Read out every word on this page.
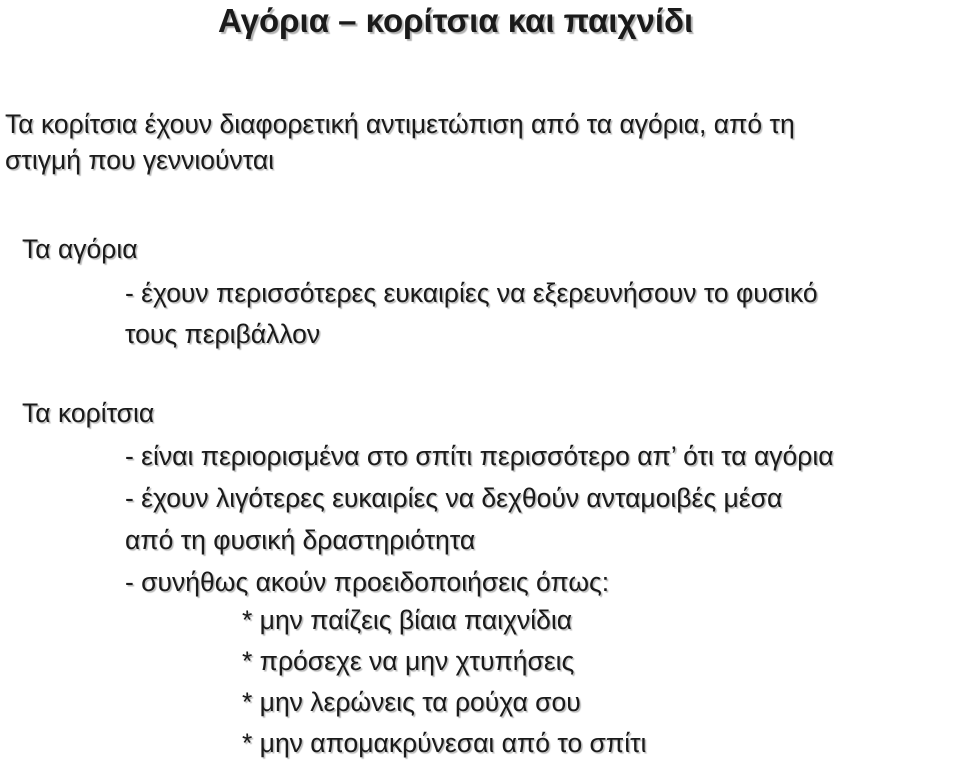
Αγόρια – κορίτσια και παιχνίδι
Τα κορίτσια έχουν διαφορετική αντιμετώπιση από τα αγόρια, από τη
στιγμή που γεννιούνται
Τα αγόρια
- έχουν περισσότερες ευκαιρίες να εξερευνήσουν το φυσικό
τους περιβάλλον
Τα κορίτσια
- είναι περιορισμένα στο σπίτι περισσότερο απ’ ότι τα αγόρια
- έχουν λιγότερες ευκαιρίες να δεχθούν ανταμοιβές μέσα
από τη φυσική δραστηριότητα
- συνήθως ακούν προειδοποιήσεις όπως:
* μην παίζεις βίαια παιχνίδια
* πρόσεχε να μην χτυπήσεις
* μην λερώνεις τα ρούχα σου
* μην απομακρύνεσαι από το σπίτι
